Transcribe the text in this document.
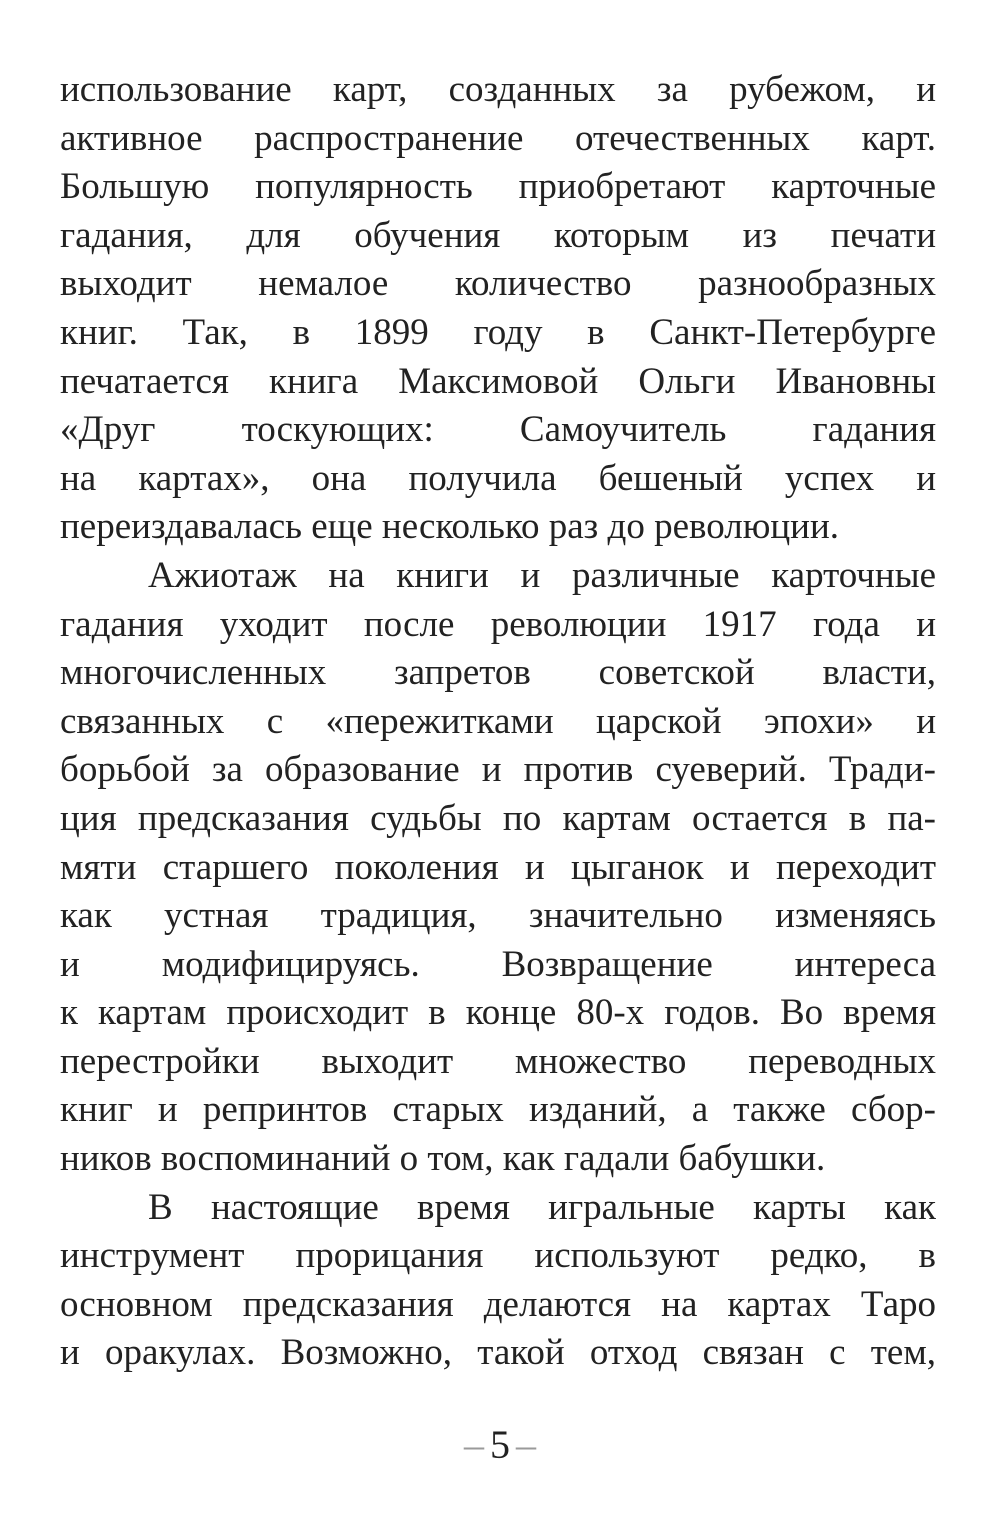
использование карт, созданных за рубежом, и
активное распространение отечественных карт.
Большую популярность приобретают карточные
гадания, для обучения которым из печати
выходит немалое количество разнообразных
книг. Так, в 1899 году в Санкт-Петербурге
печатается книга Максимовой Ольги Ивановны
«Друг тоскующих: Самоучитель гадания
на картах», она получила бешеный успех и
переиздавалась еще несколько раз до революции.
Ажиотаж на книги и различные карточные
гадания уходит после революции 1917 года и
многочисленных запретов советской власти,
связанных с «пережитками царской эпохи» и
борьбой за образование и против суеверий. Тради-
ция предсказания судьбы по картам остается в па-
мяти старшего поколения и цыганок и переходит
как устная традиция, значительно изменяясь
и модифицируясь. Возвращение интереса
к картам происходит в конце 80-х годов. Во время
перестройки выходит множество переводных
книг и репринтов старых изданий, а также сбор-
ников воспоминаний о том, как гадали бабушки.
В настоящие время игральные карты как
инструмент прорицания используют редко, в
основном предсказания делаются на картах Таро
и оракулах. Возможно, такой отход связан с тем,
– 5 –
